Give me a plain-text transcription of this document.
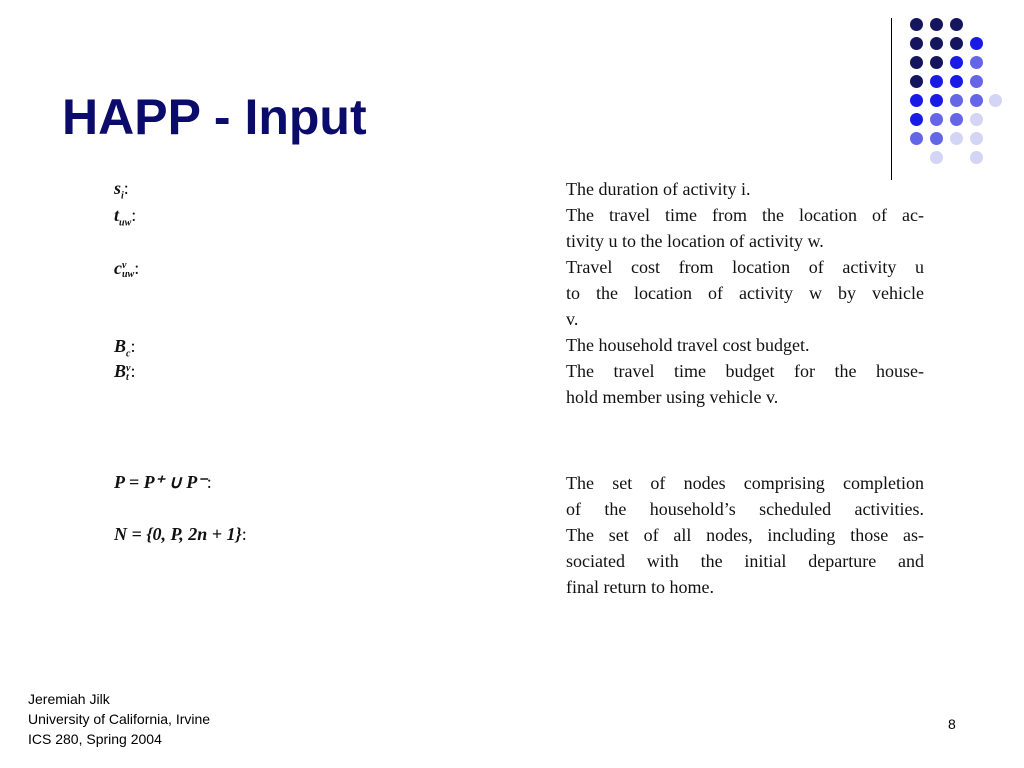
HAPP - Input
$s_i$:
$t_{uw}$:
c v
uw :
$B_c$:
B v
t :
P = P⁺ ∪ P⁻:
N = {0, P, 2n + 1}:
The duration of activity i.
The travel time from the location of ac-
tivity u to the location of activity w.
Travel cost from location of activity u
to the location of activity w by vehicle
v.
The household travel cost budget.
The travel time budget for the house-
hold member using vehicle v.
The set of nodes comprising completion
of the household’s scheduled activities.
The set of all nodes, including those as-
sociated with the initial departure and
final return to home.
Jeremiah Jilk
University of California, Irvine
ICS 280, Spring 2004
8
